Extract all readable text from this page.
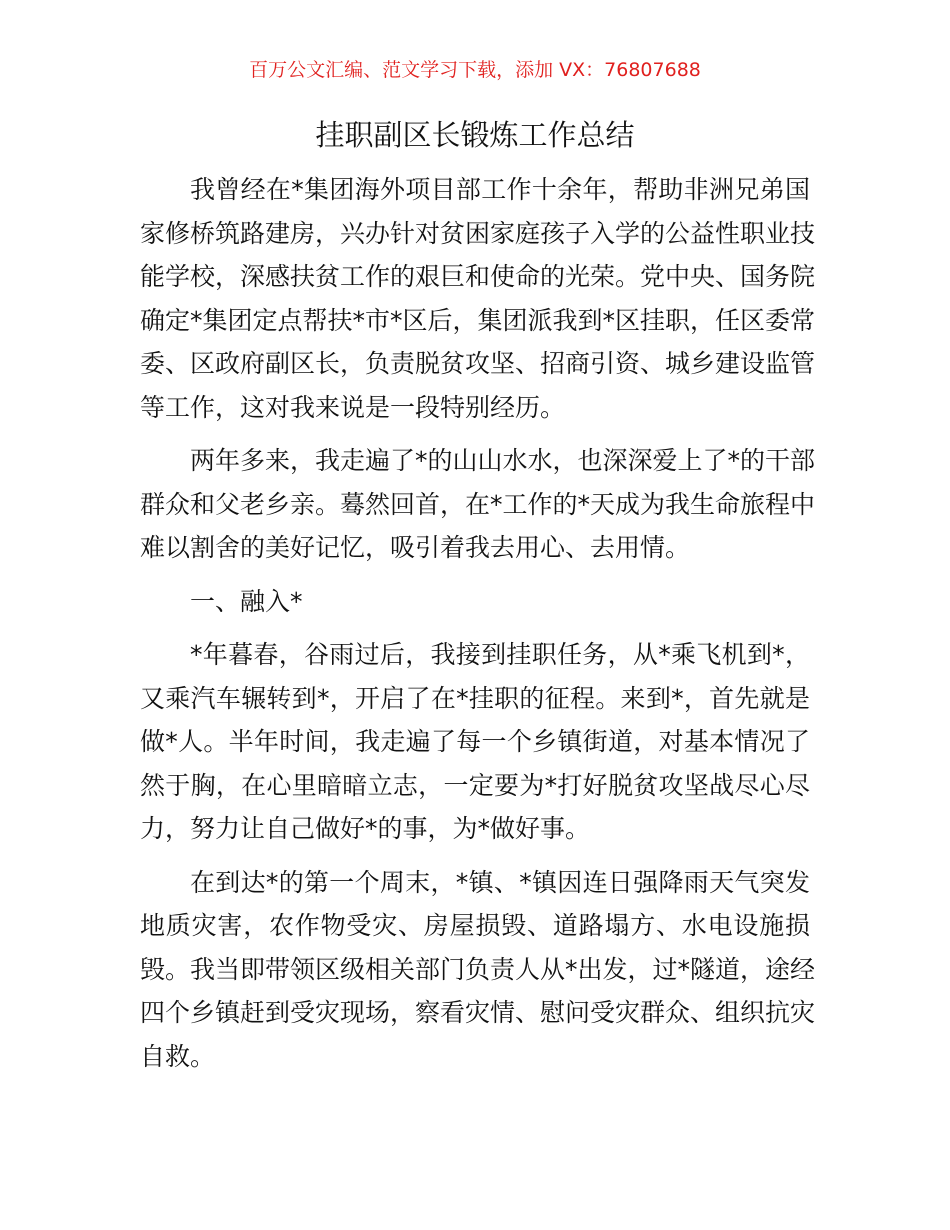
百万公文汇编、范文学习下载，添加 VX：76807688
挂职副区长锻炼工作总结
我曾经在*集团海外项目部工作十余年，帮助非洲兄弟国
家修桥筑路建房，兴办针对贫困家庭孩子入学的公益性职业技
能学校，深感扶贫工作的艰巨和使命的光荣。党中央、国务院
确定*集团定点帮扶*市*区后，集团派我到*区挂职，任区委常
委、区政府副区长，负责脱贫攻坚、招商引资、城乡建设监管
等工作，这对我来说是一段特别经历。
两年多来，我走遍了*的山山水水，也深深爱上了*的干部
群众和父老乡亲。蓦然回首，在*工作的*天成为我生命旅程中
难以割舍的美好记忆，吸引着我去用心、去用情。
一、融入*
*年暮春，谷雨过后，我接到挂职任务，从*乘飞机到*，
又乘汽车辗转到*，开启了在*挂职的征程。来到*，首先就是
做*人。半年时间，我走遍了每一个乡镇街道，对基本情况了
然于胸，在心里暗暗立志，一定要为*打好脱贫攻坚战尽心尽
力，努力让自己做好*的事，为*做好事。
在到达*的第一个周末，*镇、*镇因连日强降雨天气突发
地质灾害，农作物受灾、房屋损毁、道路塌方、水电设施损
毁。我当即带领区级相关部门负责人从*出发，过*隧道，途经
四个乡镇赶到受灾现场，察看灾情、慰问受灾群众、组织抗灾
自救。
